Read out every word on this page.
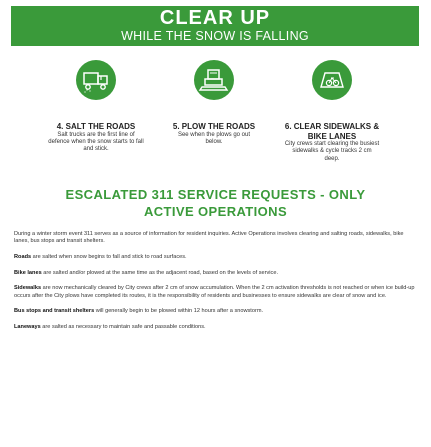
CLEAR UP
WHILE THE SNOW IS FALLING
4. SALT THE ROADS
Salt trucks are the first line of defence when the snow starts to fall and stick.
5. PLOW THE ROADS
See when the plows go out below.
6. CLEAR SIDEWALKS & BIKE LANES
City crews start clearing the busiest sidewalks & cycle tracks 2 cm deep.
ESCALATED 311 SERVICE REQUESTS - ONLY
ACTIVE OPERATIONS

During a winter storm event 311 serves as a source of information for resident inquiries. Active Operations involves clearing and salting roads, sidewalks, bike lanes, bus stops and transit shelters.

Roads are salted when snow begins to fall and stick to road surfaces.

Bike lanes are salted and/or plowed at the same time as the adjacent road, based on the levels of service.

Sidewalks are now mechanically cleared by City crews after 2 cm of snow accumulation. When the 2 cm activation thresholds is not reached or when ice build-up occurs after the City plows have completed its routes, it is the responsibility of residents and businesses to ensure sidewalks are clear of snow and ice.

Bus stops and transit shelters will generally begin to be plowed within 12 hours after a snowstorm.

Laneways are salted as necessary to maintain safe and passable conditions.
